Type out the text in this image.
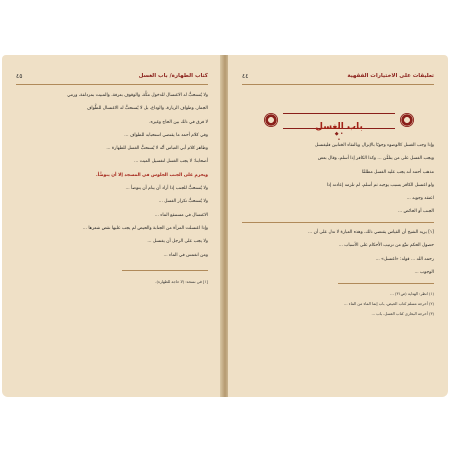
٤٥	كتاب الطهارة/ باب الغسل

ولا يُستحبُّ له الاغتسال للدخول مكَّة، والوقوف بعرفة، والمبيت بمزدلفة، ورمي

الجمار، وطواف الزيارة، والوداع، بل لا يُستحبُّ له الاغتسال للطَّواف

لا فرق في ذلك بين الحاج وغيره.

وفي كلام أحمد ما يقتضي استحبابه للطواف ...

وظاهر كلام أبي العباس أنَّه لا يُستحبُّ الغسل للطهارة ...

أصحابنا: لا يجب الغسل لتغسيل الميت ...

ويحرم على الجنب الجلوس في المسجد إلا أن يتوضَّأ.

ولا يُستحبُّ للجنب إذا أراد أن ينام أن يتوضأ ...

ولا يُستحبُّ تكرار الغسل ...

الاغتسال في مستنقع الماء ...

وإذا اغتسلت المرأة من الجنابة والحيض لم يجب عليها نقض شعرها ...

ولا يجب على الرجل أن يغتسل ...

ومن انغمس في الماء ...

[١] في نسخة: (لا حاجة للطهارة).
٤٤	تعليقات على الاختيارات الفقهية
باب الغسل
• ◆ •

وإذا وجب الغسل كالوضوء وجوبًا بالإنزال وبالتقاء الختانين فليغتسل

ويجب الغسل على من يتلقَّن ... وكذا الكافر إذا أسلم، وقال بعض

مذهب أحمد أنه يجب عليه الغسل مطلقًا

ولو اغتسل الكافر بسبب يوجبه ثم أسلم، لم تلزمه إعادته إذا

اعتقد وجوبه ...

الجنب أو الحائض ...

[١] يريد الشيخ أن القياس يقتضي ذلك، وهذه العبارة لا تدل على أن ...

حصول الحكم تتبَّع من ترتيب الأحكام على الأسباب ...

رحمه الله ... قوله: «اغتسل» ...

الوجوب ...

(١) انظر: الهداية (ص٣١) ...
(٢) أخرجه مسلم كتاب الحيض، باب إنما الماء من الماء ...
(٣) أخرجه البخاري كتاب الغسل، باب ...
